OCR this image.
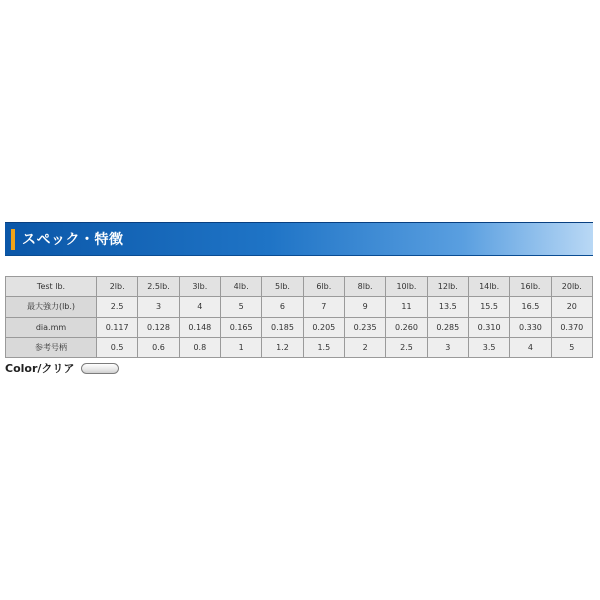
スペック・特徴
Test lb.	2lb.	2.5lb.	3lb.	4lb.	5lb.	6lb.	8lb.	10lb.	12lb.	14lb.	16lb.	20lb.
最大強力(lb.)	2.5	3	4	5	6	7	9	11	13.5	15.5	16.5	20
dia.mm	0.117	0.128	0.148	0.165	0.185	0.205	0.235	0.260	0.285	0.310	0.330	0.370
参考号柄	0.5	0.6	0.8	1	1.2	1.5	2	2.5	3	3.5	4	5
Color/クリア
